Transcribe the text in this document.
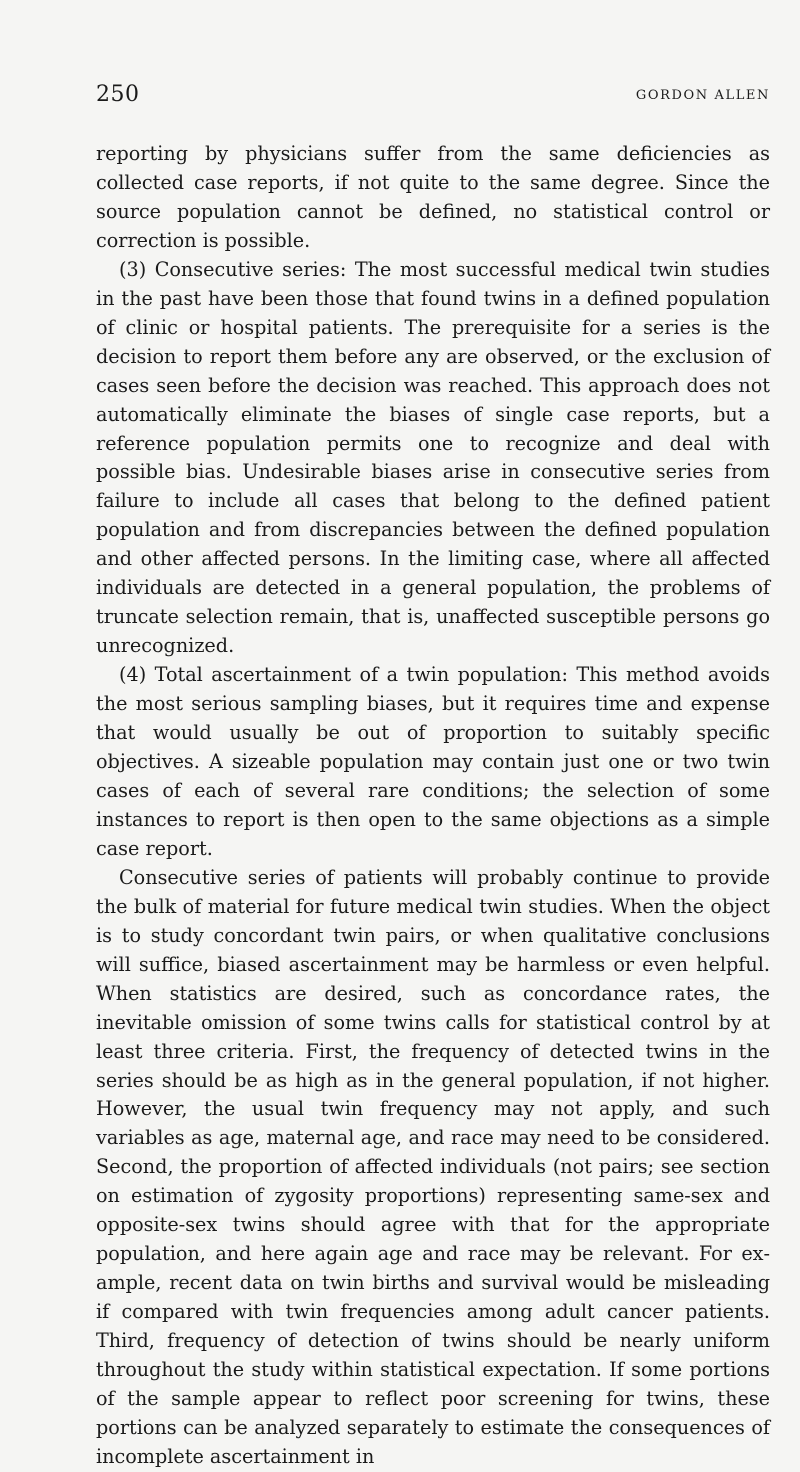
250	GORDON ALLEN

reporting by physicians suffer from the same deficiencies as collected case reports, if not quite to the same degree. Since the source population cannot be defined, no statistical control or correction is possible.

(3) Consecutive series: The most successful medical twin studies in the past have been those that found twins in a defined population of clinic or hospital patients. The prerequisite for a series is the decision to report them before any are observed, or the exclusion of cases seen before the decision was reached. This approach does not automatically eliminate the biases of single case reports, but a reference population permits one to recognize and deal with possible bias. Undesirable biases arise in consecutive series from failure to include all cases that belong to the defined patient population and from discrepancies between the defined population and other affected persons. In the limiting case, where all affected individuals are detected in a general population, the problems of truncate selection remain, that is, unaffected susceptible persons go unrecognized.

(4) Total ascertainment of a twin population: This method avoids the most serious sampling biases, but it requires time and expense that would usually be out of proportion to suitably specific objectives. A sizeable population may contain just one or two twin cases of each of several rare conditions; the selection of some instances to report is then open to the same objections as a simple case report.

Consecutive series of patients will probably continue to provide the bulk of material for future medical twin studies. When the object is to study concordant twin pairs, or when qualitative conclusions will suffice, biased ascertainment may be harmless or even helpful. When statistics are desired, such as concordance rates, the inevitable omission of some twins calls for statistical control by at least three criteria. First, the frequency of detected twins in the series should be as high as in the general population, if not higher. However, the usual twin frequency may not apply, and such variables as age, maternal age, and race may need to be considered. Second, the proportion of affected individuals (not pairs; see section on estimation of zygosity proportions) representing same-sex and opposite-sex twins should agree with that for the appropriate population, and here again age and race may be relevant. For example, recent data on twin births and survival would be misleading if compared with twin frequencies among adult cancer patients. Third, frequency of detection of twins should be nearly uniform throughout the study within statistical expectation. If some portions of the sample appear to reflect poor screening for twins, these portions can be analyzed separately to estimate the consequences of incomplete ascertainment in
